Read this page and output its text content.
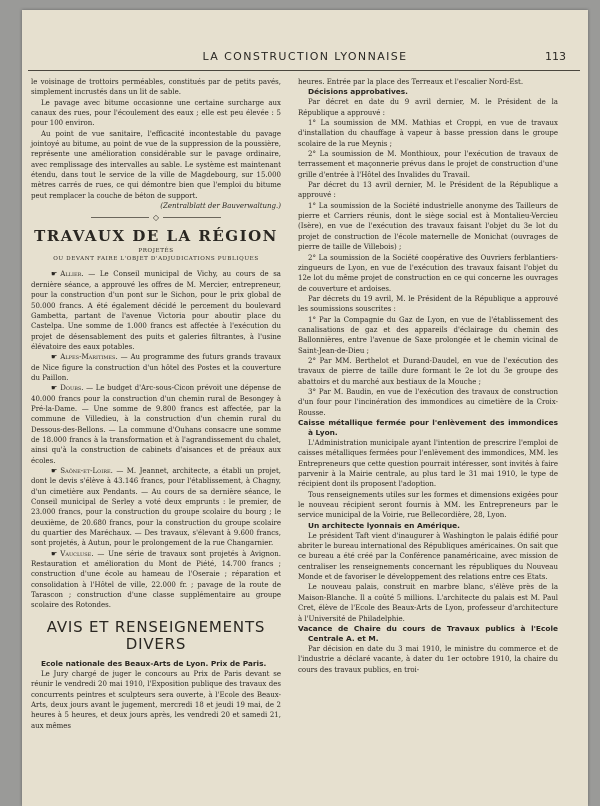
LA CONSTRUCTION LYONNAISE	113

le voisinage de trottoirs perméables, constitués par de petits pavés, simplement incrustés dans un lit de sable.

Le pavage avec bitume occasionne une certaine surcharge aux canaux des rues, pour l'écoulement des eaux ; elle est peu élevée : 5 pour 100 environ.

Au point de vue sanitaire, l'efficacité incontestable du pavage jointoyé au bitume, au point de vue de la suppression de la poussière, représente une amélioration considérable sur le pavage ordinaire, avec remplissage des intervalles au sable. Le système est maintenant étendu, dans tout le service de la ville de Magdebourg, sur 15.000 mètres carrés de rues, ce qui démontre bien que l'emploi du bitume peut remplacer la couche de béton de support.

(Zentralblatt der Bauverwaltung.)

◇
TRAVAUX DE LA RÉGION
PROJETÉS
OU DEVANT FAIRE L'OBJET D'ADJUDICATIONS PUBLIQUES

☛ Allier. — Le Conseil municipal de Vichy, au cours de sa dernière séance, a approuvé les offres de M. Mercier, entrepreneur, pour la construction d'un pont sur le Sichon, pour le prix global de 50.000 francs. A été également décidé le percement du boulevard Gambetta, partant de l'avenue Victoria pour aboutir place du Castelpa. Une somme de 1.000 francs est affectée à l'exécution du projet de désensablement des puits et galeries filtrantes, à l'usine élévatoire des eaux potables.

☛ Alpes-Maritimes. — Au programme des futurs grands travaux de Nice figure la construction d'un hôtel des Postes et la couverture du Paillon.

☛ Doubs. — Le budget d'Arc-sous-Cicon prévoit une dépense de 40.000 francs pour la construction d'un chemin rural de Besongey à Pré-la-Dame. — Une somme de 9.800 francs est affectée, par la commune de Villedieu, à la construction d'un chemin rural du Dessous-des-Bellons. — La commune d'Ouhans consacre une somme de 18.000 francs à la transformation et à l'agrandissement du chalet, ainsi qu'à la construction de cabinets d'aisances et de préaux aux écoles.

☛ Saône-et-Loire. — M. Jeannet, architecte, a établi un projet, dont le devis s'élève à 43.146 francs, pour l'établissement, à Chagny, d'un cimetière aux Pendants. — Au cours de sa dernière séance, le Conseil municipal de Serley a voté deux emprunts : le premier, de 23.000 francs, pour la construction du groupe scolaire du bourg ; le deuxième, de 20.680 francs, pour la construction du groupe scolaire du quartier des Maréchaux. — Des travaux, s'élevant à 9.600 francs, sont projetés, à Autun, pour le prolongement de la rue Changarnier.

☛ Vaucluse. — Une série de travaux sont projetés à Avignon. Restauration et amélioration du Mont de Piété, 14.700 francs ; construction d'une école au hameau de l'Oseraie ; réparation et consolidation à l'Hôtel de ville, 22.000 fr. ; pavage de la route de Tarascon ; construction d'une classe supplémentaire au groupe scolaire des Rotondes.

AVIS ET RENSEIGNEMENTS DIVERS

Ecole nationale des Beaux-Arts de Lyon. Prix de Paris.

Le Jury chargé de juger le concours au Prix de Paris devant se réunir le vendredi 20 mai 1910, l'Exposition publique des travaux des concurrents peintres et sculpteurs sera ouverte, à l'Ecole des Beaux-Arts, deux jours avant le jugement, mercredi 18 et jeudi 19 mai, de 2 heures à 5 heures, et deux jours après, les vendredi 20 et samedi 21, aux mêmes

heures. Entrée par la place des Terreaux et l'escalier Nord-Est.

Décisions approbatives.

Par décret en date du 9 avril dernier, M. le Président de la République a approuvé :

1° La soumission de MM. Mathias et Croppi, en vue de travaux d'installation du chauffage à vapeur à basse pression dans le groupe scolaire de la rue Meynis ;

2° La soumission de M. Monthioux, pour l'exécution de travaux de terrassement et maçonnerie prévus dans le projet de construction d'une grille d'entrée à l'Hôtel des Invalides du Travail.

Par décret du 13 avril dernier, M. le Président de la République a approuvé :

1° La soumission de la Société industrielle anonyme des Tailleurs de pierre et Carriers réunis, dont le siège social est à Montalieu-Vercieu (Isère), en vue de l'exécution des travaux faisant l'objet du 3e lot du projet de construction de l'école maternelle de Monichat (ouvrages de pierre de taille de Villebois) ;

2° La soumission de la Société coopérative des Ouvriers ferblantiers-zingueurs de Lyon, en vue de l'exécution des travaux faisant l'objet du 12e lot du même projet de construction en ce qui concerne les ouvrages de couverture et ardoises.

Par décrets du 19 avril, M. le Président de la République a approuvé les soumissions souscrites :

1° Par la Compagnie du Gaz de Lyon, en vue de l'établissement des canalisations de gaz et des appareils d'éclairage du chemin des Ballonnières, entre l'avenue de Saxe prolongée et le chemin vicinal de Saint-Jean-de-Dieu ;

2° Par MM. Berthelot et Durand-Daudel, en vue de l'exécution des travaux de pierre de taille dure formant le 2e lot du 3e groupe des abattoirs et du marché aux bestiaux de la Mouche ;

3° Par M. Baudin, en vue de l'exécution des travaux de construction d'un four pour l'incinération des immondices au cimetière de la Croix-Rousse.

Caisse métallique fermée pour l'enlèvement des immondices à Lyon.

L'Administration municipale ayant l'intention de prescrire l'emploi de caisses métalliques fermées pour l'enlèvement des immondices, MM. les Entrepreneurs que cette question pourrait intéresser, sont invités à faire parvenir à la Mairie centrale, au plus tard le 31 mai 1910, le type de récipient dont ils proposent l'adoption.

Tous renseignements utiles sur les formes et dimensions exigées pour le nouveau récipient seront fournis à MM. les Entrepreneurs par le service municipal de la Voirie, rue Bellecordière, 28, Lyon.

Un architecte lyonnais en Amérique.

Le président Taft vient d'inaugurer à Washington le palais édifié pour abriter le bureau international des Républiques américaines. On sait que ce bureau a été créé par la Conférence panaméricaine, avec mission de centraliser les renseignements concernant les républiques du Nouveau Monde et de favoriser le développement des relations entre ces Etats.

Le nouveau palais, construit en marbre blanc, s'élève près de la Maison-Blanche. Il a coûté 5 millions. L'architecte du palais est M. Paul Cret, élève de l'Ecole des Beaux-Arts de Lyon, professeur d'architecture à l'Université de Philadelphie.

Vacance de Chaire du cours de Travaux publics à l'Ecole Centrale A. et M.

Par décision en date du 3 mai 1910, le ministre du commerce et de l'industrie a déclaré vacante, à dater du 1er octobre 1910, la chaire du cours des travaux publics, en troi-
